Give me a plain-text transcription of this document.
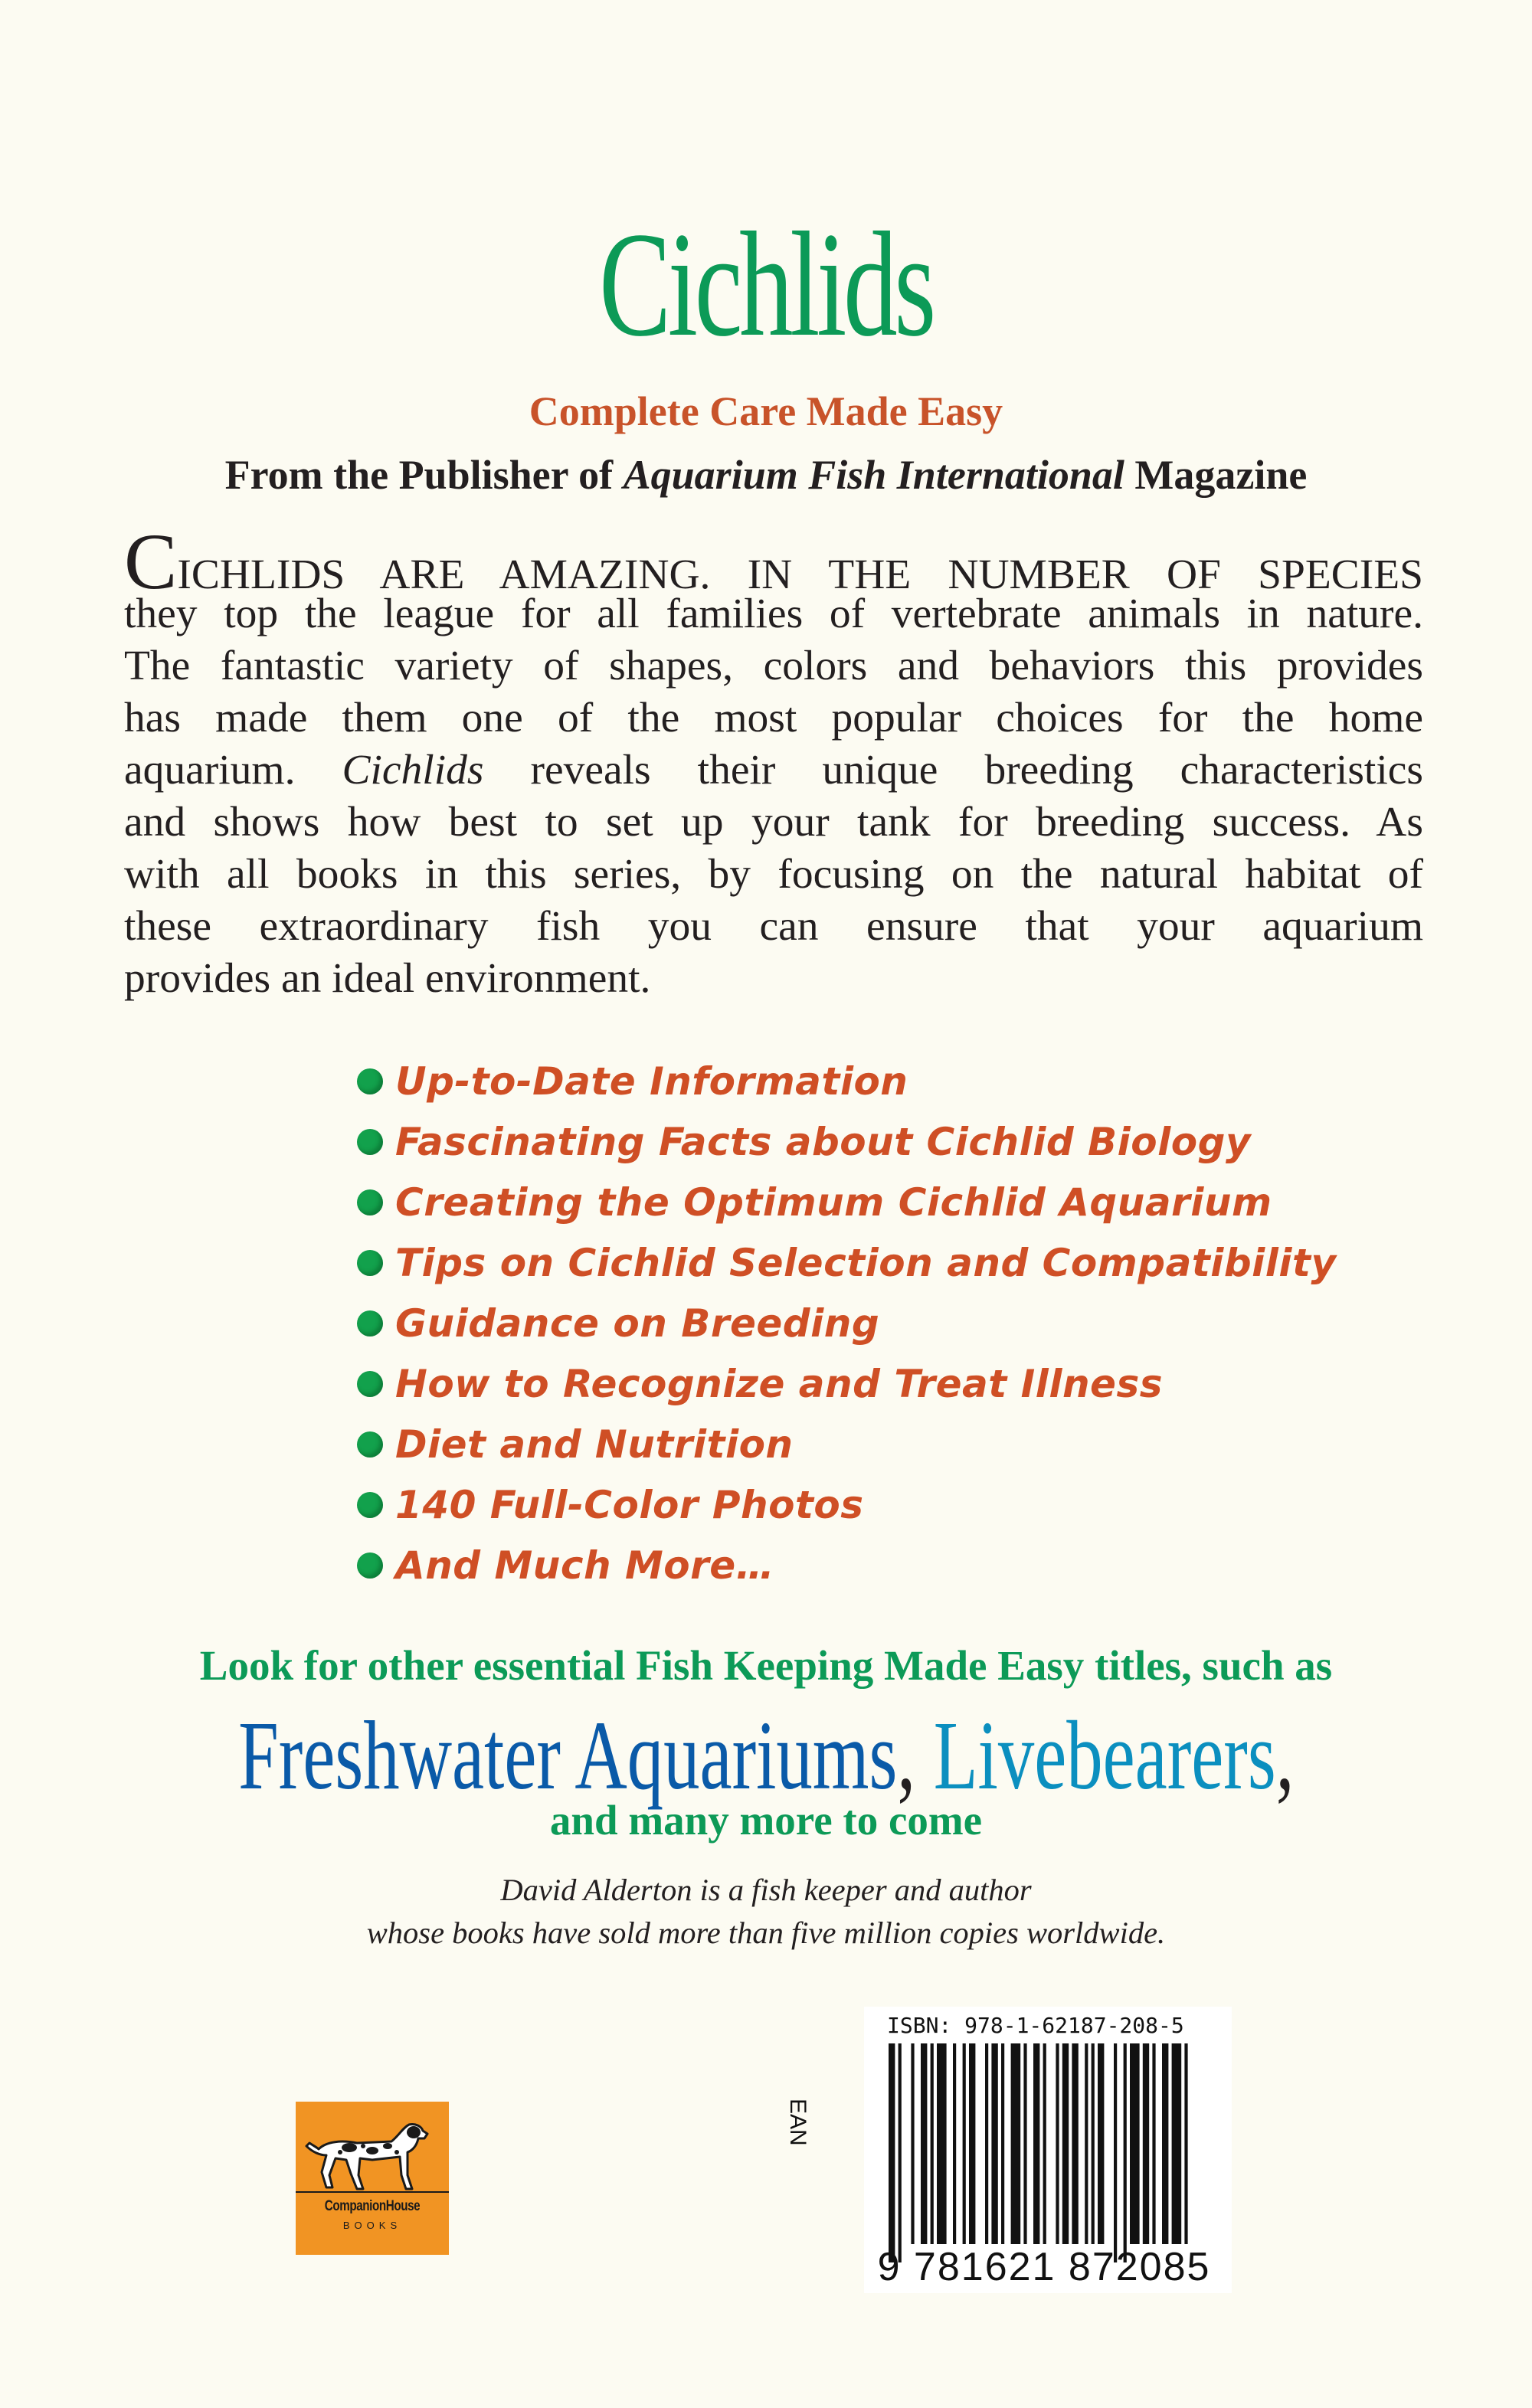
Cichlids
Complete Care Made Easy
From the Publisher of Aquarium Fish International Magazine
CICHLIDS ARE AMAZING. IN THE NUMBER OF SPECIES
they top the league for all families of vertebrate animals in nature.
The fantastic variety of shapes, colors and behaviors this provides
has made them one of the most popular choices for the home
aquarium. Cichlids reveals their unique breeding characteristics
and shows how best to set up your tank for breeding success. As
with all books in this series, by focusing on the natural habitat of
these extraordinary fish you can ensure that your aquarium
provides an ideal environment.
Up-to-Date Information
Fascinating Facts about Cichlid Biology
Creating the Optimum Cichlid Aquarium
Tips on Cichlid Selection and Compatibility
Guidance on Breeding
How to Recognize and Treat Illness
Diet and Nutrition
140 Full-Color Photos
And Much More…
Look for other essential Fish Keeping Made Easy titles, such as
Freshwater Aquariums, Livebearers,
and many more to come
David Alderton is a fish keeper and author
whose books have sold more than five million copies worldwide.
CompanionHouse
BOOKS
ISBN: 978-1-62187-208-5
EAN
9 781621 872085
